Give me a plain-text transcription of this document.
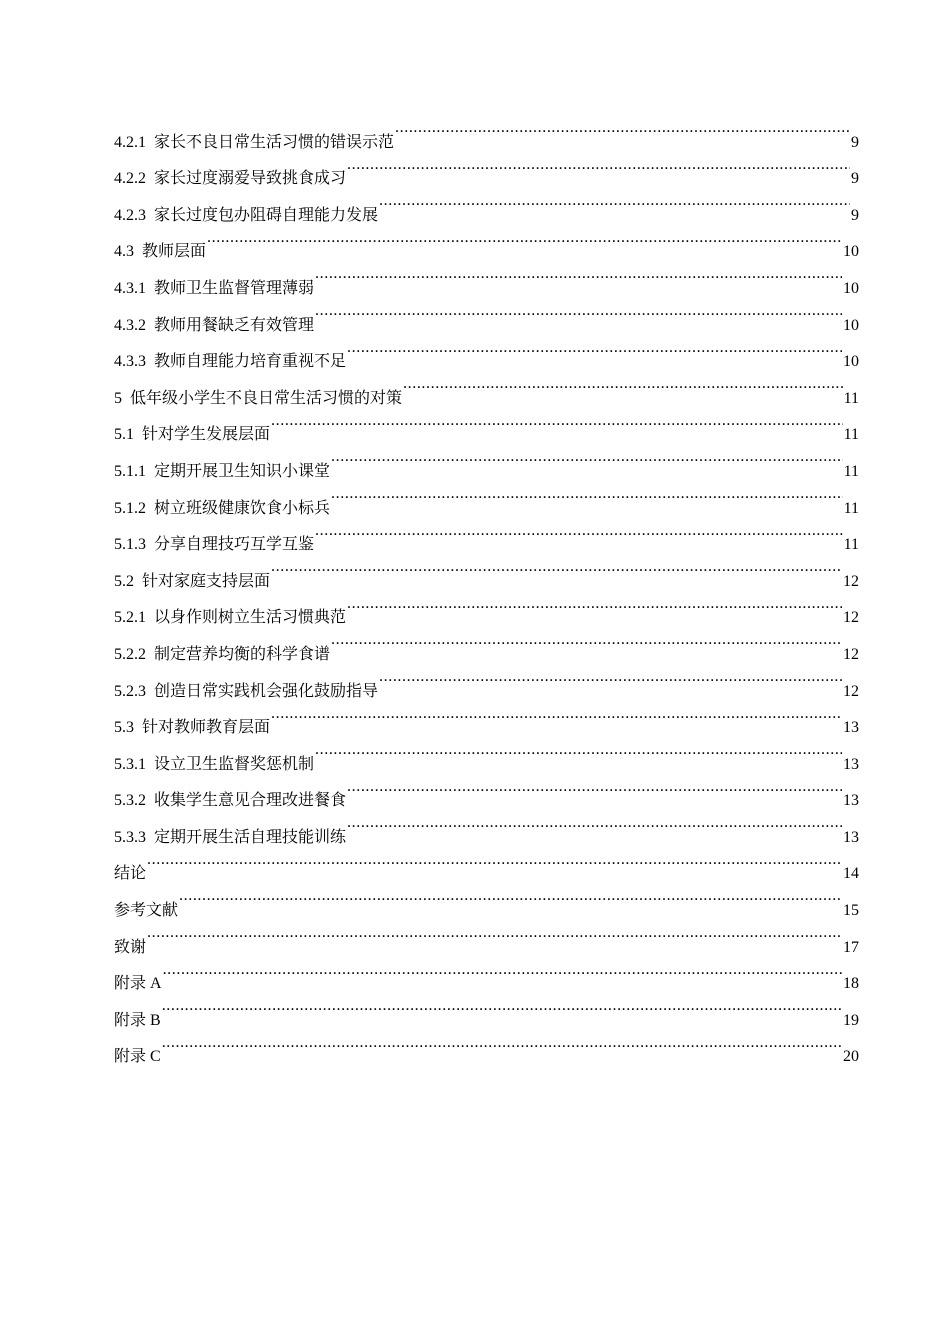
4.2.1 家长不良日常生活习惯的错误示范 .....	9
4.2.2 家长过度溺爱导致挑食成习 .....	9
4.2.3 家长过度包办阻碍自理能力发展 .....	9
4.3 教师层面 .....	10
4.3.1 教师卫生监督管理薄弱 .....	10
4.3.2 教师用餐缺乏有效管理 .....	10
4.3.3 教师自理能力培育重视不足 .....	10
5 低年级小学生不良日常生活习惯的对策 .....	11
5.1 针对学生发展层面 .....	11
5.1.1 定期开展卫生知识小课堂 .....	11
5.1.2 树立班级健康饮食小标兵 .....	11
5.1.3 分享自理技巧互学互鉴 .....	11
5.2 针对家庭支持层面 .....	12
5.2.1 以身作则树立生活习惯典范 .....	12
5.2.2 制定营养均衡的科学食谱 .....	12
5.2.3 创造日常实践机会强化鼓励指导 .....	12
5.3 针对教师教育层面 .....	13
5.3.1 设立卫生监督奖惩机制 .....	13
5.3.2 收集学生意见合理改进餐食 .....	13
5.3.3 定期开展生活自理技能训练 .....	13
结论 .....	14
参考文献 .....	15
致谢 .....	17
附录 A .....	18
附录 B .....	19
附录 C .....	20
